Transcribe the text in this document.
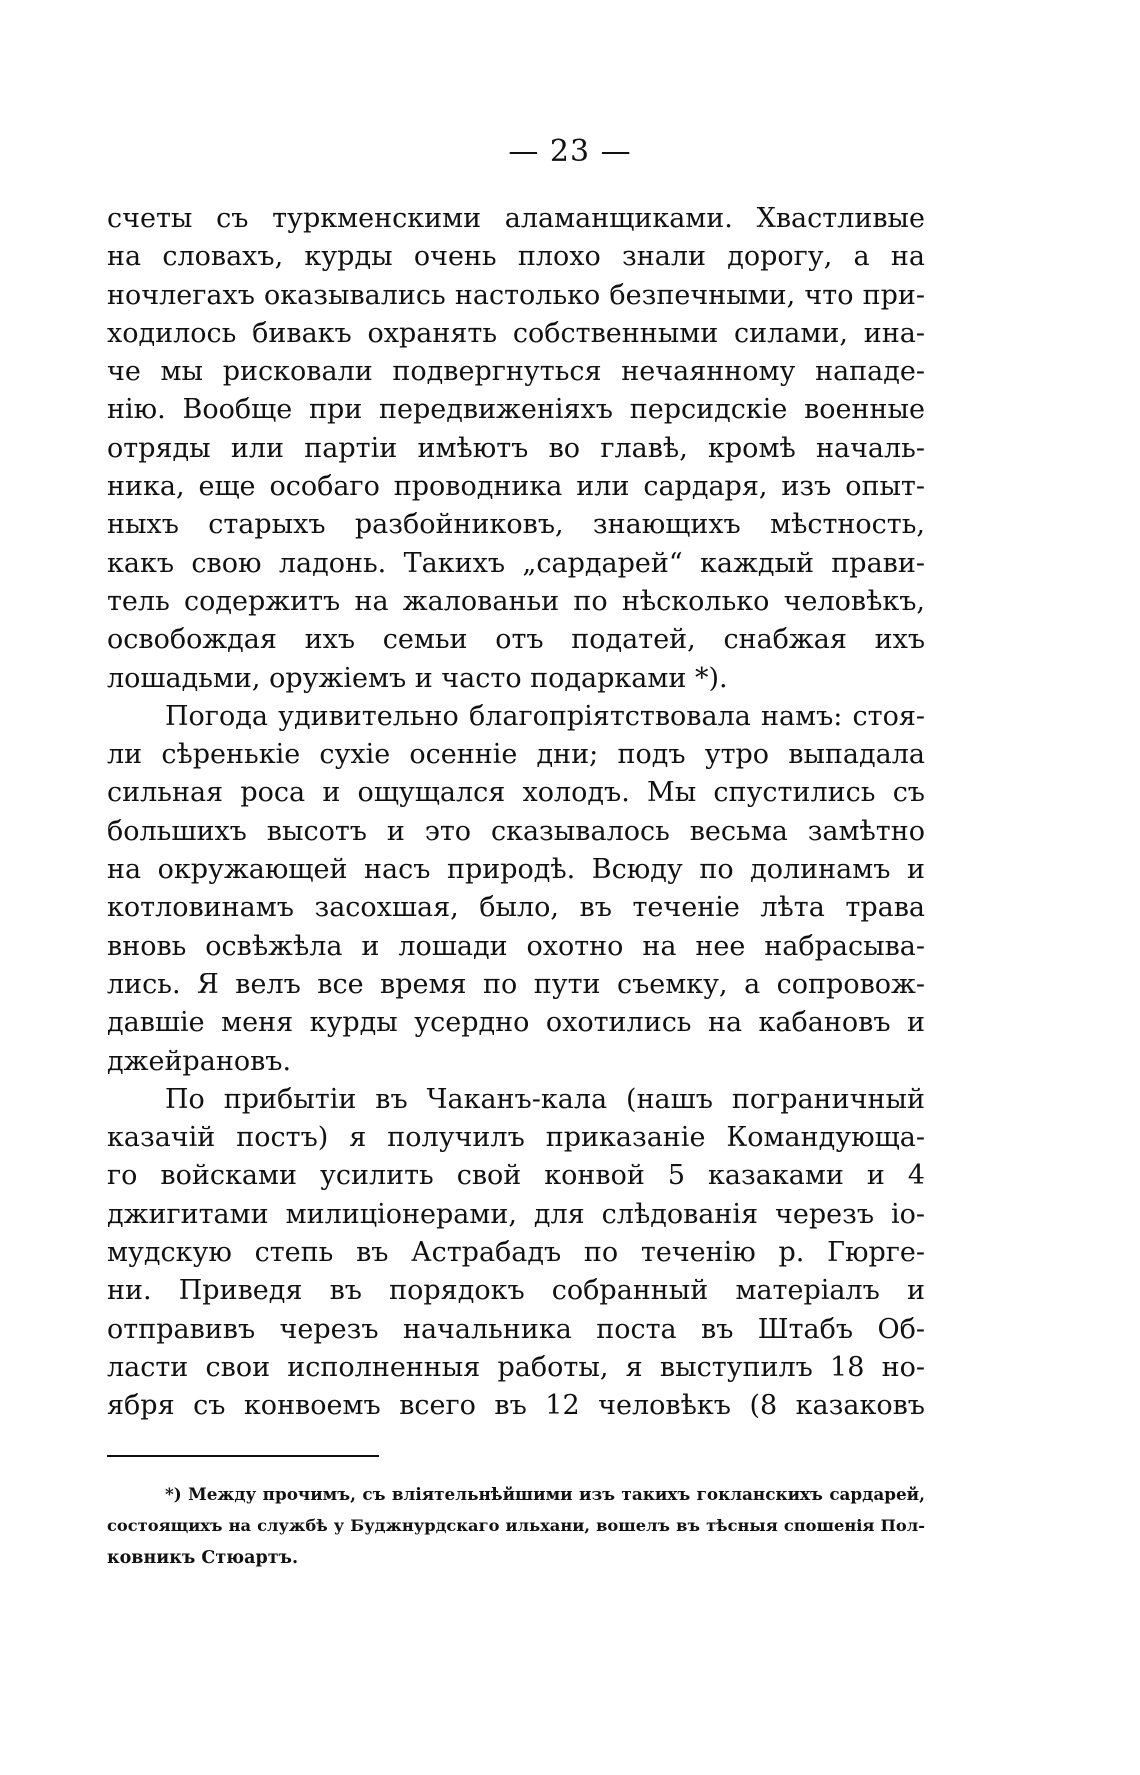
— 23 —
счеты съ туркменскими аламанщиками. Хвастливые
на словахъ, курды очень плохо знали дорогу, а на
ночлегахъ оказывались настолько безпечными, что при-
ходилось бивакъ охранять собственными силами, ина-
че мы рисковали подвергнуться нечаянному нападе-
нію. Вообще при передвиженіяхъ персидскіе военные
отряды или партіи имѣютъ во главѣ, кромѣ началь-
ника, еще особаго проводника или сардаря, изъ опыт-
ныхъ старыхъ разбойниковъ, знающихъ мѣстность,
какъ свою ладонь. Такихъ „сардарей“ каждый прави-
тель содержитъ на жалованьи по нѣсколько человѣкъ,
освобождая ихъ семьи отъ податей, снабжая ихъ
лошадьми, оружіемъ и часто подарками *).
Погода удивительно благопріятствовала намъ: стоя-
ли сѣренькіе сухіе осенніе дни; подъ утро выпадала
сильная роса и ощущался холодъ. Мы спустились съ
большихъ высотъ и это сказывалось весьма замѣтно
на окружающей насъ природѣ. Всюду по долинамъ и
котловинамъ засохшая, было, въ теченіе лѣта трава
вновь освѣжѣла и лошади охотно на нее набрасыва-
лись. Я велъ все время по пути съемку, а сопровож-
давшіе меня курды усердно охотились на кабановъ и
джейрановъ.
По прибытіи въ Чаканъ-кала (нашъ пограничный
казачій постъ) я получилъ приказаніе Командующа-
го войсками усилить свой конвой 5 казаками и 4
джигитами милиціонерами, для слѣдованія черезъ іо-
мудскую степь въ Астрабадъ по теченію р. Гюрге-
ни. Приведя въ порядокъ собранный матеріалъ и
отправивъ черезъ начальника поста въ Штабъ Об-
ласти свои исполненныя работы, я выступилъ 18 но-
ября съ конвоемъ всего въ 12 человѣкъ (8 казаковъ
*) Между прочимъ, съ вліятельнѣйшими изъ такихъ гокланскихъ сардарей,
состоящихъ на службѣ у Буджнурдскаго ильхани, вошелъ въ тѣсныя спошенія Пол-
ковникъ Стюартъ.
